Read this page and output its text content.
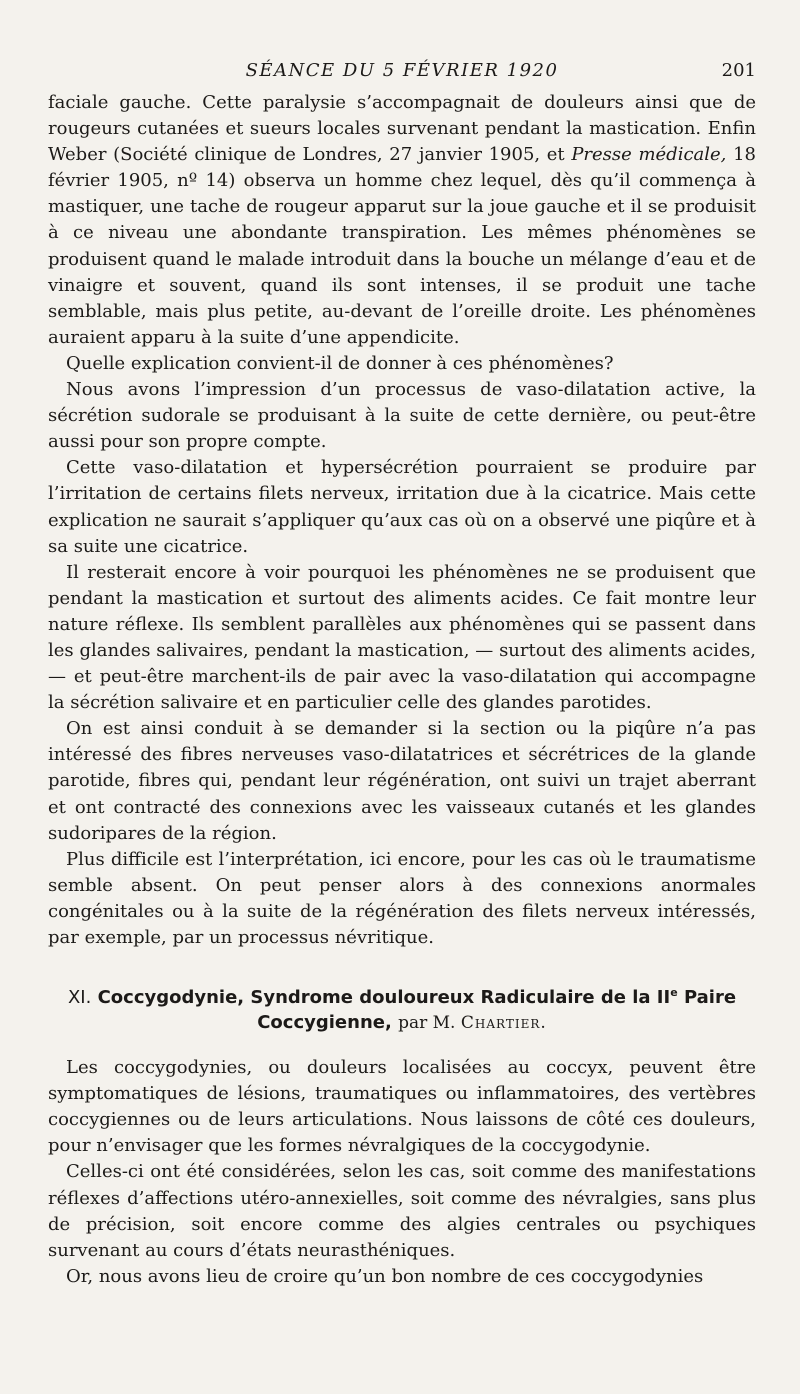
SÉANCE DU 5 FÉVRIER 1920	201

faciale gauche. Cette paralysie s’accompagnait de douleurs ainsi que de rougeurs cutanées et sueurs locales survenant pendant la mastication. Enfin Weber (Société clinique de Londres, 27 janvier 1905, et Presse médicale, 18 février 1905, nº 14) observa un homme chez lequel, dès qu’il commença à mastiquer, une tache de rougeur apparut sur la joue gauche et il se produisit à ce niveau une abondante transpiration. Les mêmes phénomènes se produisent quand le malade introduit dans la bouche un mélange d’eau et de vinaigre et souvent, quand ils sont intenses, il se produit une tache semblable, mais plus petite, au-devant de l’oreille droite. Les phénomènes auraient apparu à la suite d’une appendicite.

Quelle explication convient-il de donner à ces phénomènes?

Nous avons l’impression d’un processus de vaso-dilatation active, la sécrétion sudorale se produisant à la suite de cette dernière, ou peut-être aussi pour son propre compte.

Cette vaso-dilatation et hypersécrétion pourraient se produire par l’irritation de certains filets nerveux, irritation due à la cicatrice. Mais cette explication ne saurait s’appliquer qu’aux cas où on a observé une piqûre et à sa suite une cicatrice.

Il resterait encore à voir pourquoi les phénomènes ne se produisent que pendant la mastication et surtout des aliments acides. Ce fait montre leur nature réflexe. Ils semblent parallèles aux phénomènes qui se passent dans les glandes salivaires, pendant la mastication, — surtout des aliments acides, — et peut-être marchent-ils de pair avec la vaso-dilatation qui accompagne la sécrétion salivaire et en particulier celle des glandes parotides.

On est ainsi conduit à se demander si la section ou la piqûre n’a pas intéressé des fibres nerveuses vaso-dilatatrices et sécrétrices de la glande parotide, fibres qui, pendant leur régénération, ont suivi un trajet aberrant et ont contracté des connexions avec les vaisseaux cutanés et les glandes sudoripares de la région.

Plus difficile est l’interprétation, ici encore, pour les cas où le traumatisme semble absent. On peut penser alors à des connexions anormales congénitales ou à la suite de la régénération des filets nerveux intéressés, par exemple, par un processus névritique.

XI. Coccygodynie, Syndrome douloureux Radiculaire de la IIe Paire
Coccygienne, par M. Chartier.

Les coccygodynies, ou douleurs localisées au coccyx, peuvent être symptomatiques de lésions, traumatiques ou inflammatoires, des vertèbres coccygiennes ou de leurs articulations. Nous laissons de côté ces douleurs, pour n’envisager que les formes névralgiques de la coccygodynie.

Celles-ci ont été considérées, selon les cas, soit comme des manifestations réflexes d’affections utéro-annexielles, soit comme des névralgies, sans plus de précision, soit encore comme des algies centrales ou psychiques survenant au cours d’états neurasthéniques.

Or, nous avons lieu de croire qu’un bon nombre de ces coccygodynies
